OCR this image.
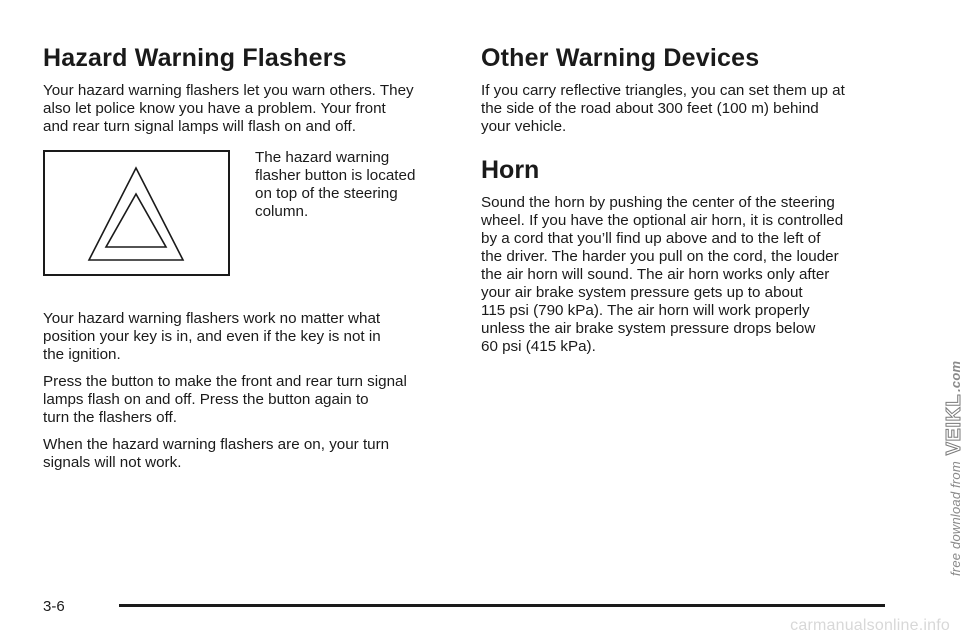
Hazard Warning Flashers

Your hazard warning flashers let you warn others. They
also let police know you have a problem. Your front
and rear turn signal lamps will flash on and off.

The hazard warning
flasher button is located
on top of the steering
column.

Your hazard warning flashers work no matter what
position your key is in, and even if the key is not in
the ignition.

Press the button to make the front and rear turn signal
lamps flash on and off. Press the button again to
turn the flashers off.

When the hazard warning flashers are on, your turn
signals will not work.

Other Warning Devices

If you carry reflective triangles, you can set them up at
the side of the road about 300 feet (100 m) behind
your vehicle.

Horn

Sound the horn by pushing the center of the steering
wheel. If you have the optional air horn, it is controlled
by a cord that you’ll find up above and to the left of
the driver. The harder you pull on the cord, the louder
the air horn will sound. The air horn works only after
your air brake system pressure gets up to about
115 psi (790 kPa). The air horn will work properly
unless the air brake system pressure drops below
60 psi (415 kPa).

3-6
free download from VEIKL.com
carmanualsonline.info
